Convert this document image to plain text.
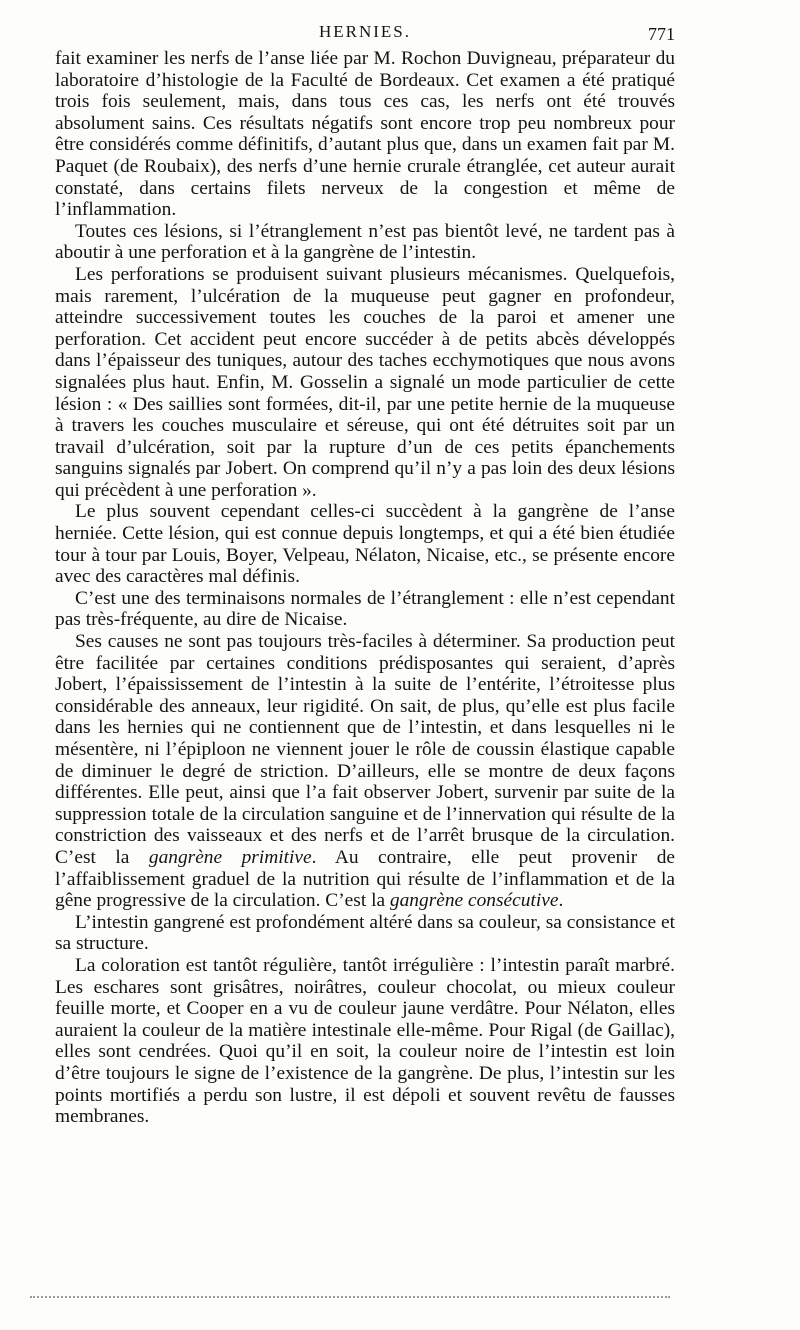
HERNIES.	771

fait examiner les nerfs de l’anse liée par M. Rochon Duvigneau, préparateur du laboratoire d’histologie de la Faculté de Bordeaux. Cet examen a été pratiqué trois fois seulement, mais, dans tous ces cas, les nerfs ont été trouvés absolument sains. Ces résultats négatifs sont encore trop peu nombreux pour être considérés comme définitifs, d’autant plus que, dans un examen fait par M. Paquet (de Roubaix), des nerfs d’une hernie crurale étranglée, cet auteur aurait constaté, dans certains filets nerveux de la congestion et même de l’inflammation.

Toutes ces lésions, si l’étranglement n’est pas bientôt levé, ne tardent pas à aboutir à une perforation et à la gangrène de l’intestin.

Les perforations se produisent suivant plusieurs mécanismes. Quelquefois, mais rarement, l’ulcération de la muqueuse peut gagner en profondeur, atteindre successivement toutes les couches de la paroi et amener une perforation. Cet accident peut encore succéder à de petits abcès développés dans l’épaisseur des tuniques, autour des taches ecchymotiques que nous avons signalées plus haut. Enfin, M. Gosselin a signalé un mode particulier de cette lésion : « Des saillies sont formées, dit-il, par une petite hernie de la muqueuse à travers les couches musculaire et séreuse, qui ont été détruites soit par un travail d’ulcération, soit par la rupture d’un de ces petits épanchements sanguins signalés par Jobert. On comprend qu’il n’y a pas loin des deux lésions qui précèdent à une perforation ».

Le plus souvent cependant celles-ci succèdent à la gangrène de l’anse herniée. Cette lésion, qui est connue depuis longtemps, et qui a été bien étudiée tour à tour par Louis, Boyer, Velpeau, Nélaton, Nicaise, etc., se présente encore avec des caractères mal définis.

C’est une des terminaisons normales de l’étranglement : elle n’est cependant pas très-fréquente, au dire de Nicaise.

Ses causes ne sont pas toujours très-faciles à déterminer. Sa production peut être facilitée par certaines conditions prédisposantes qui seraient, d’après Jobert, l’épaississement de l’intestin à la suite de l’entérite, l’étroitesse plus considérable des anneaux, leur rigidité. On sait, de plus, qu’elle est plus facile dans les hernies qui ne contiennent que de l’intestin, et dans lesquelles ni le mésentère, ni l’épiploon ne viennent jouer le rôle de coussin élastique capable de diminuer le degré de striction. D’ailleurs, elle se montre de deux façons différentes. Elle peut, ainsi que l’a fait observer Jobert, survenir par suite de la suppression totale de la circulation sanguine et de l’innervation qui résulte de la constriction des vaisseaux et des nerfs et de l’arrêt brusque de la circulation. C’est la gangrène primitive. Au contraire, elle peut provenir de l’affaiblissement graduel de la nutrition qui résulte de l’inflammation et de la gêne progressive de la circulation. C’est la gangrène consécutive.

L’intestin gangrené est profondément altéré dans sa couleur, sa consistance et sa structure.

La coloration est tantôt régulière, tantôt irrégulière : l’intestin paraît marbré. Les eschares sont grisâtres, noirâtres, couleur chocolat, ou mieux couleur feuille morte, et Cooper en a vu de couleur jaune verdâtre. Pour Nélaton, elles auraient la couleur de la matière intestinale elle-même. Pour Rigal (de Gaillac), elles sont cendrées. Quoi qu’il en soit, la couleur noire de l’intestin est loin d’être toujours le signe de l’existence de la gangrène. De plus, l’intestin sur les points mortifiés a perdu son lustre, il est dépoli et souvent revêtu de fausses membranes.
